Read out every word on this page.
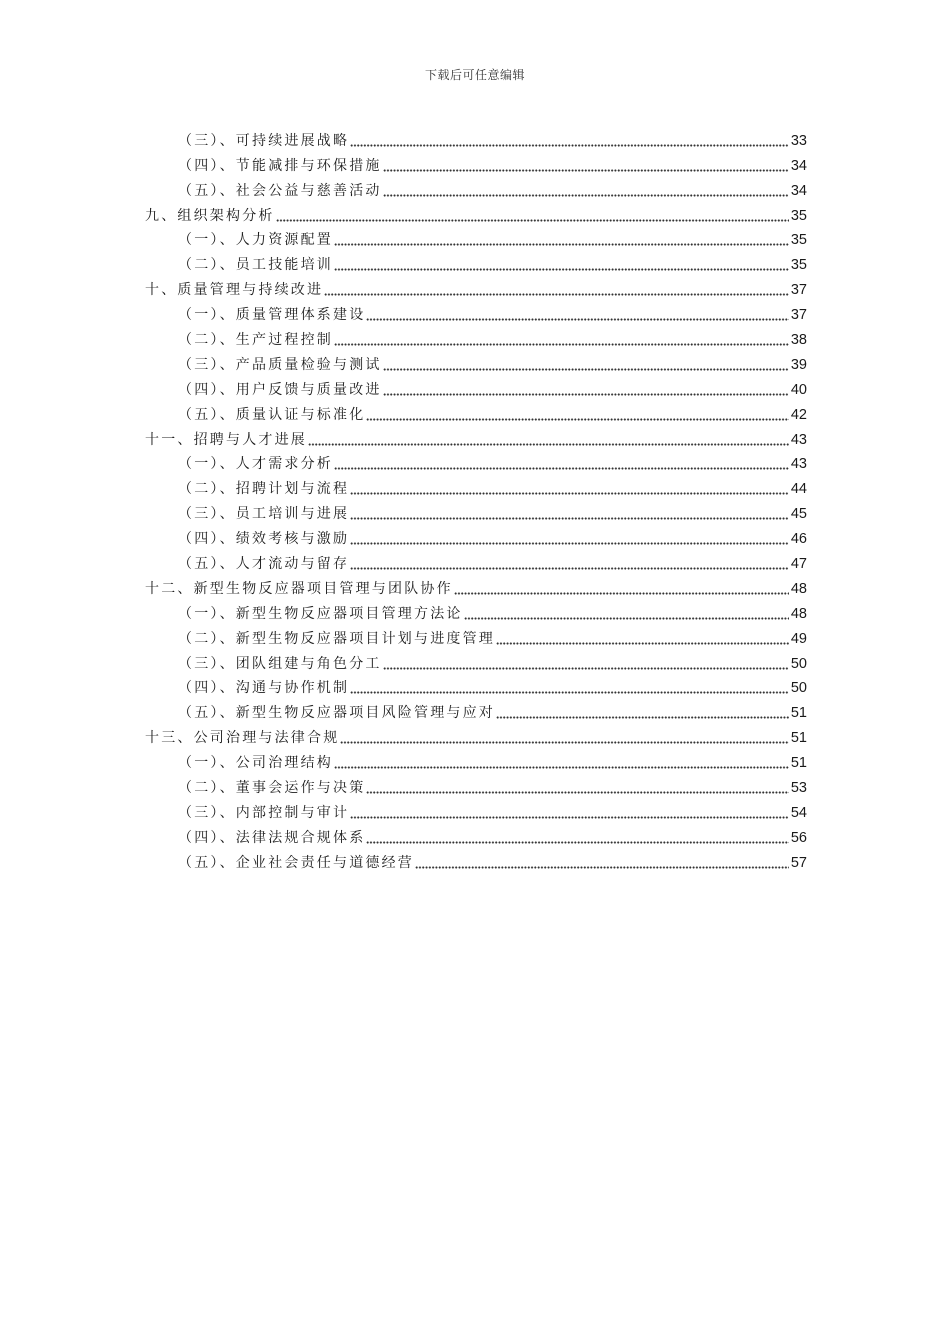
下载后可任意编辑
（三）、可持续进展战略	33
（四）、节能减排与环保措施	34
（五）、社会公益与慈善活动	34
九、组织架构分析	35
（一）、人力资源配置	35
（二）、员工技能培训	35
十、质量管理与持续改进	37
（一）、质量管理体系建设	37
（二）、生产过程控制	38
（三）、产品质量检验与测试	39
（四）、用户反馈与质量改进	40
（五）、质量认证与标准化	42
十一、招聘与人才进展	43
（一）、人才需求分析	43
（二）、招聘计划与流程	44
（三）、员工培训与进展	45
（四）、绩效考核与激励	46
（五）、人才流动与留存	47
十二、新型生物反应器项目管理与团队协作	48
（一）、新型生物反应器项目管理方法论	48
（二）、新型生物反应器项目计划与进度管理	49
（三）、团队组建与角色分工	50
（四）、沟通与协作机制	50
（五）、新型生物反应器项目风险管理与应对	51
十三、公司治理与法律合规	51
（一）、公司治理结构	51
（二）、董事会运作与决策	53
（三）、内部控制与审计	54
（四）、法律法规合规体系	56
（五）、企业社会责任与道德经营	57
